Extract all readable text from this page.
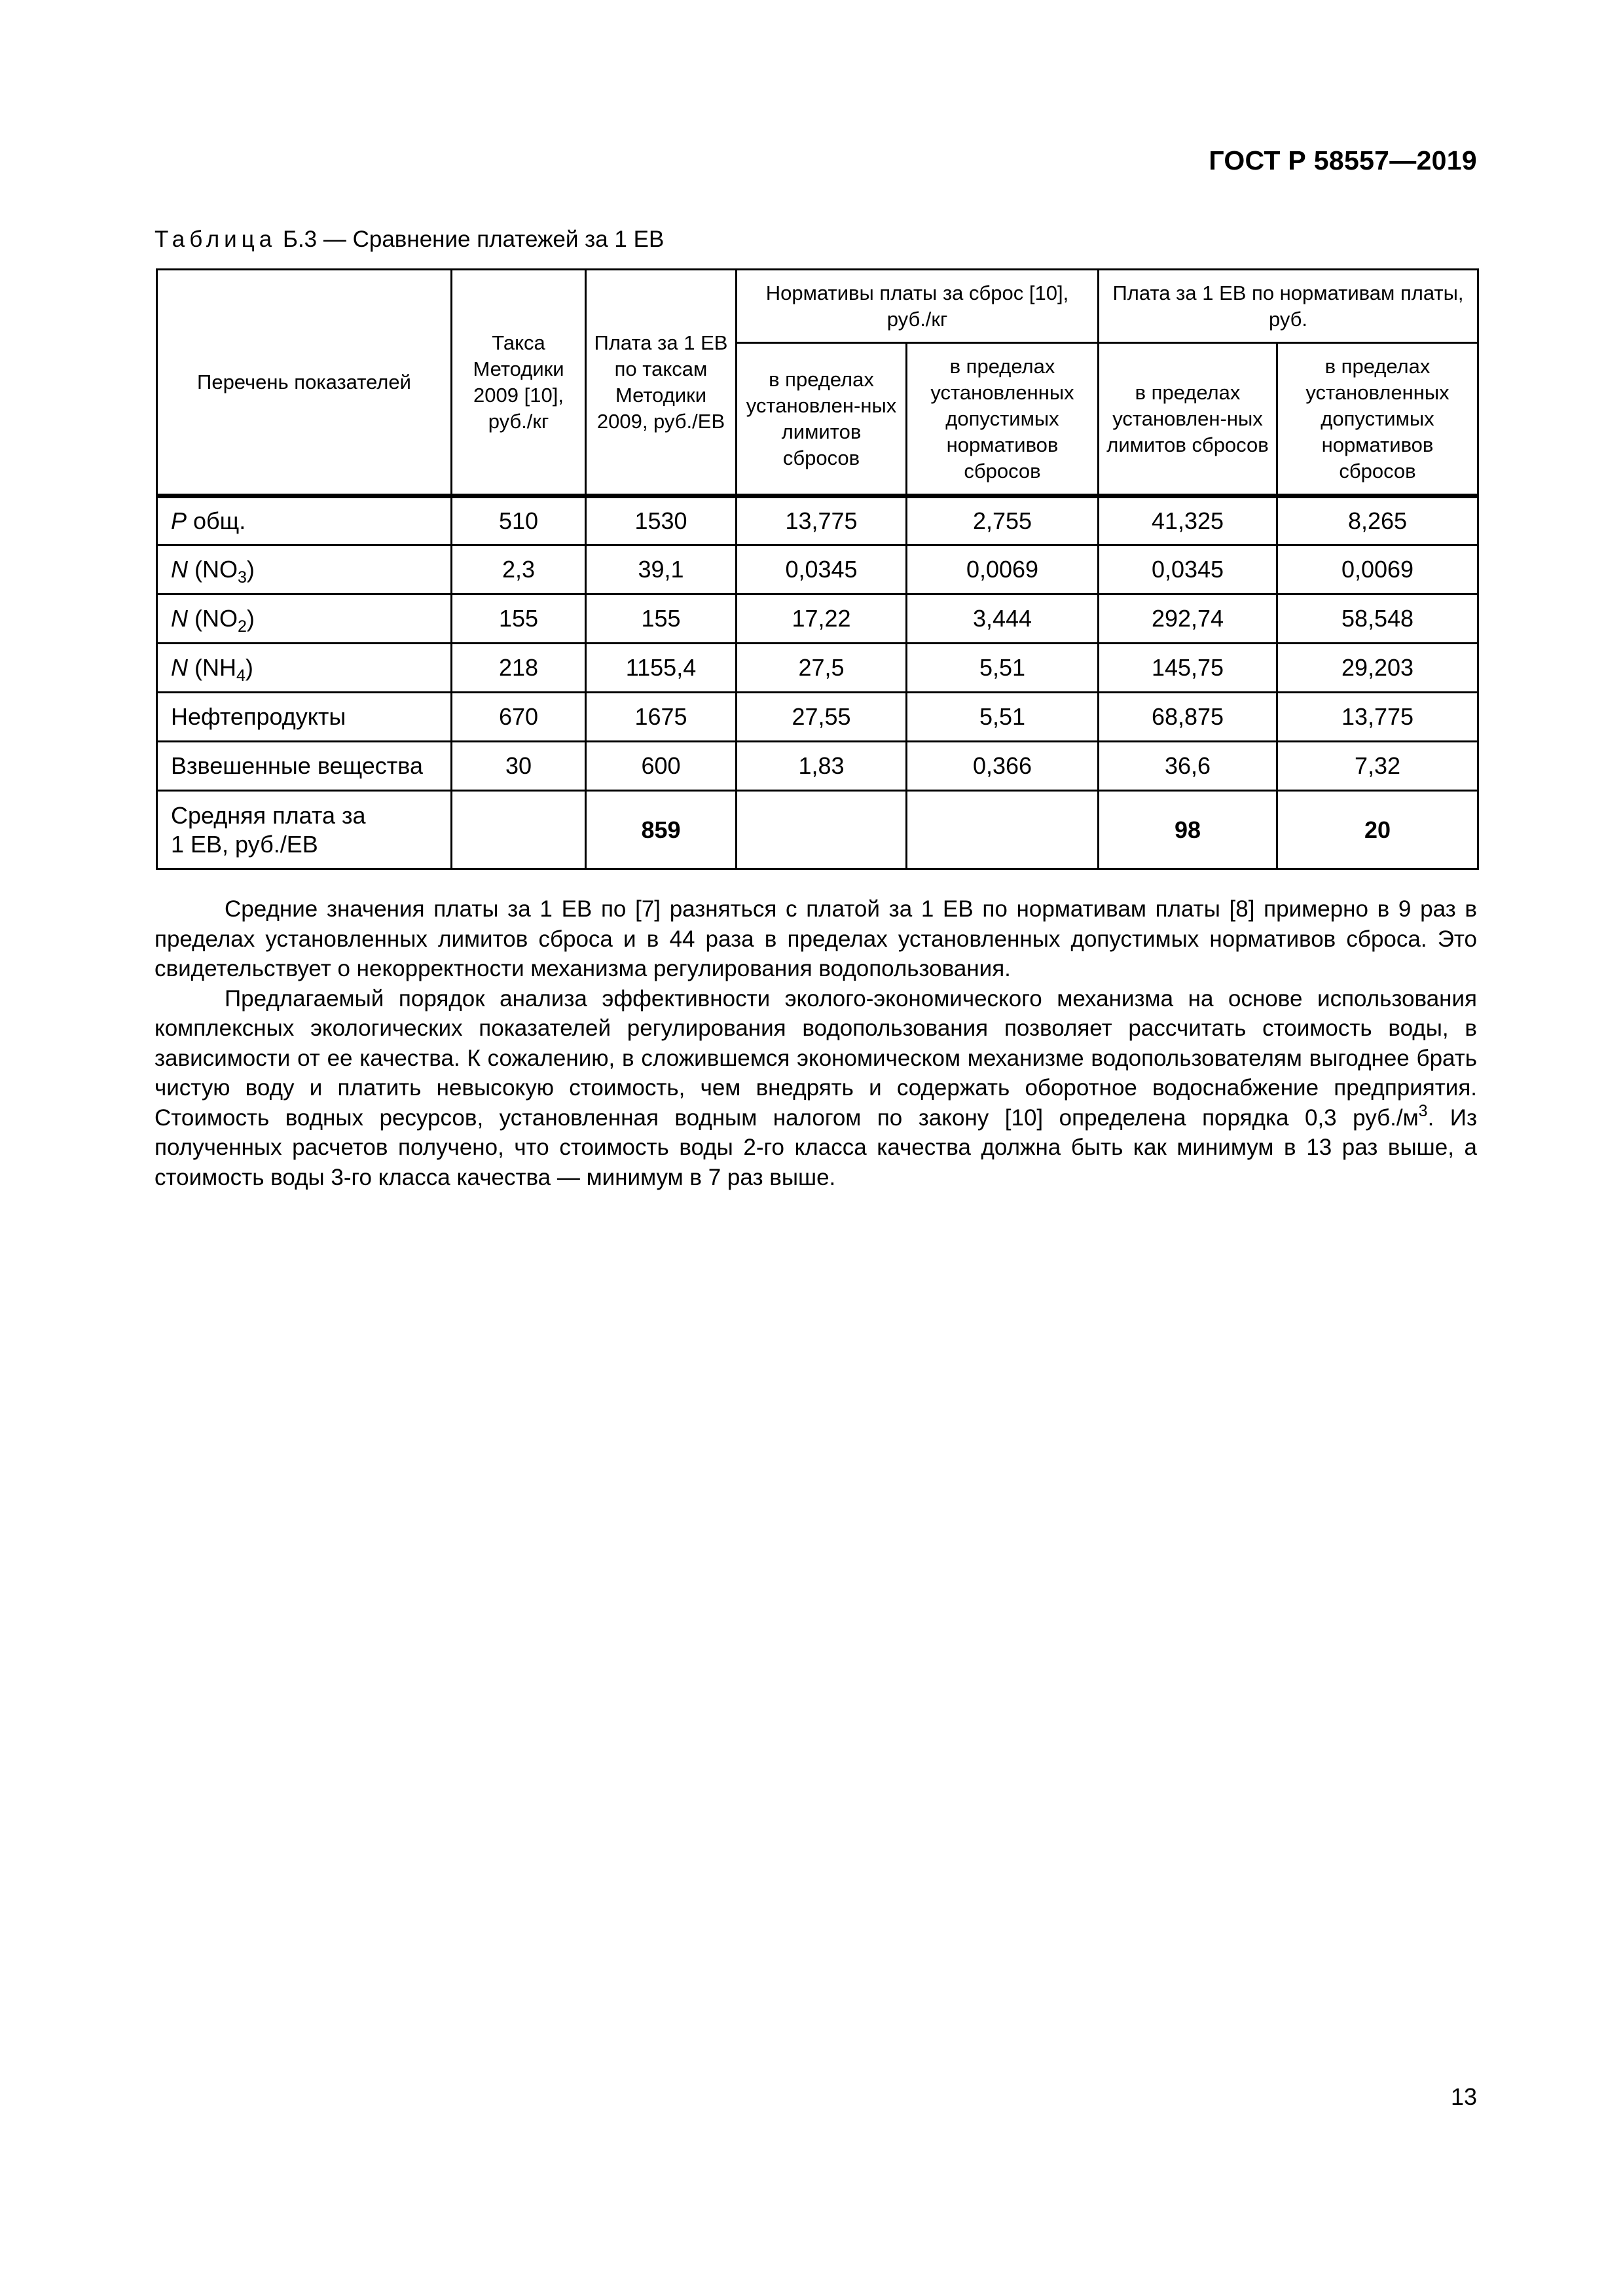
ГОСТ Р 58557—2019
Таблица Б.3 — Сравнение платежей за 1 ЕВ
Перечень показателей	Такса Методики 2009 [10], руб./кг	Плата за 1 ЕВ по таксам Методики 2009, руб./ЕВ	Нормативы платы за сброс [10], руб./кг		Плата за 1 ЕВ по нормативам платы, руб.	
			в пределах установлен-ных лимитов сбросов	в пределах установленных допустимых нормативов сбросов	в пределах установлен-ных лимитов сбросов	в пределах установленных допустимых нормативов сбросов
P общ.	510	1530	13,775	2,755	41,325	8,265
N $(NO_3)$	2,3	39,1	0,0345	0,0069	0,0345	0,0069
N $(NO_2)$	155	155	17,22	3,444	292,74	58,548
N $(NH_4)$	218	1155,4	27,5	5,51	145,75	29,203
Нефтепродукты	670	1675	27,55	5,51	68,875	13,775
Взвешенные вещества	30	600	1,83	0,366	36,6	7,32
Средняя плата за
1 ЕВ, руб./ЕВ		859			98	20

Средние значения платы за 1 ЕВ по [7] разняться с платой за 1 ЕВ по нормативам платы [8] примерно в 9 раз в пределах установленных лимитов сброса и в 44 раза в пределах установленных допустимых нормативов сброса. Это свидетельствует о некорректности механизма регулирования водопользования.

Предлагаемый порядок анализа эффективности эколого-экономического механизма на основе использования комплексных экологических показателей регулирования водопользования позволяет рассчитать стоимость воды, в зависимости от ее качества. К сожалению, в сложившемся экономическом механизме водопользователям выгоднее брать чистую воду и платить невысокую стоимость, чем внедрять и содержать оборотное водоснабжение предприятия. Стоимость водных ресурсов, установленная водным налогом по закону [10] определена порядка 0,3 $руб./м^3$. Из полученных расчетов получено, что стоимость воды 2-го класса качества должна быть как минимум в 13 раз выше, а стоимость воды 3-го класса качества — минимум в 7 раз выше.

13
